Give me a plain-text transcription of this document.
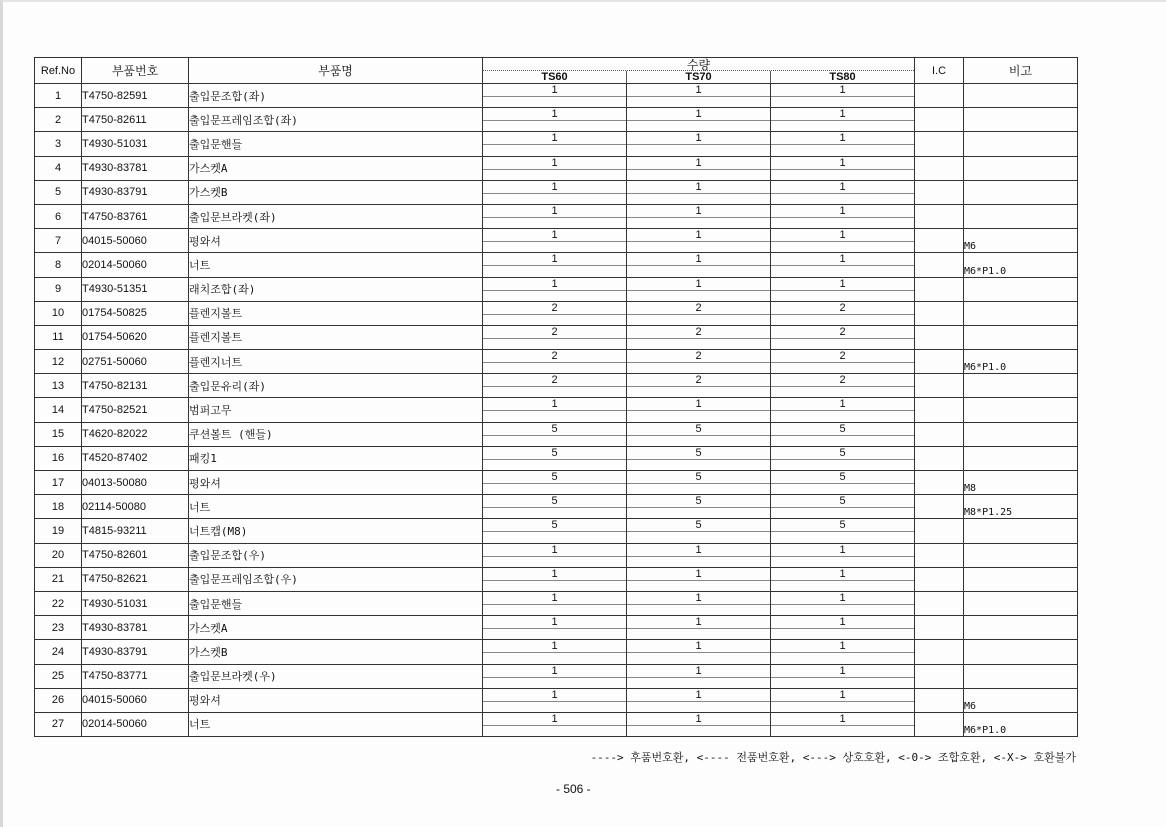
Ref.No	부품번호	부품명	수량
TS60 TS70 TS80			I.C	비고
1	T4750-82591	출입문조합(좌)	1	1	1		
2	T4750-82611	출입문프레임조합(좌)	1	1	1		
3	T4930-51031	출입문핸들	1	1	1		
4	T4930-83781	가스켓A	1	1	1		
5	T4930-83791	가스켓B	1	1	1		
6	T4750-83761	출입문브라켓(좌)	1	1	1		
7	04015-50060	평와셔	1	1	1		M6
8	02014-50060	너트	1	1	1		M6*P1.0
9	T4930-51351	래치조합(좌)	1	1	1		
10	01754-50825	플렌지볼트	2	2	2		
11	01754-50620	플렌지볼트	2	2	2		
12	02751-50060	플렌지너트	2	2	2		M6*P1.0
13	T4750-82131	출입문유리(좌)	2	2	2		
14	T4750-82521	범퍼고무	1	1	1		
15	T4620-82022	쿠션볼트 (핸들)	5	5	5		
16	T4520-87402	패킹1	5	5	5		
17	04013-50080	평와셔	5	5	5		M8
18	02114-50080	너트	5	5	5		M8*P1.25
19	T4815-93211	너트캡(M8)	5	5	5		
20	T4750-82601	출입문조합(우)	1	1	1		
21	T4750-82621	출입문프레임조합(우)	1	1	1		
22	T4930-51031	출입문핸들	1	1	1		
23	T4930-83781	가스켓A	1	1	1		
24	T4930-83791	가스켓B	1	1	1		
25	T4750-83771	출입문브라켓(우)	1	1	1		
26	04015-50060	평와셔	1	1	1		M6
27	02014-50060	너트	1	1	1		M6*P1.0
----> 후품번호환, <---- 전품번호환, <---> 상호호환, <-0-> 조합호환, <-X-> 호환불가
- 506 -
